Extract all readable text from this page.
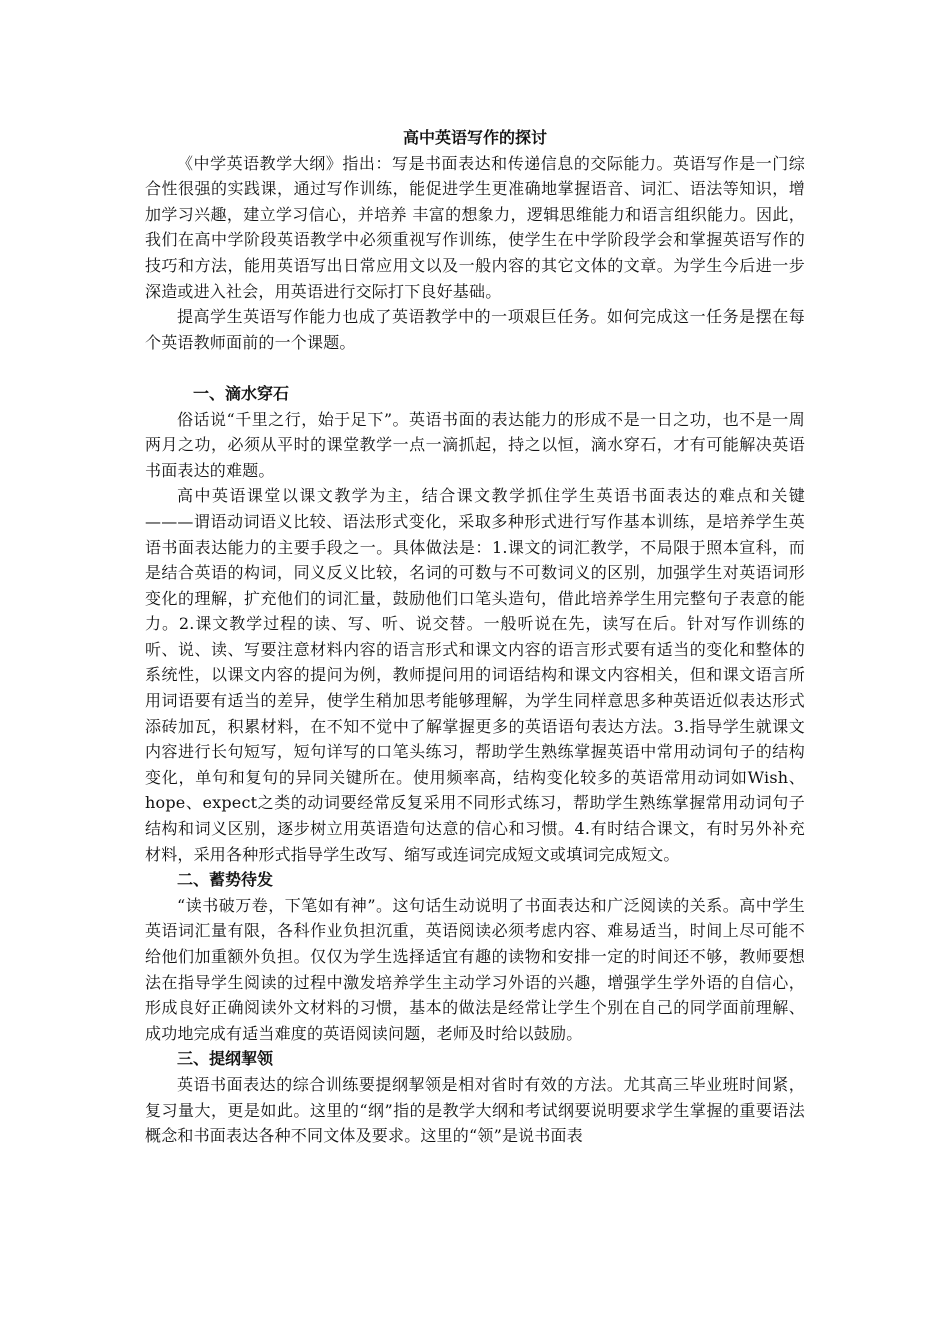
高中英语写作的探讨

《中学英语教学大纲》指出：写是书面表达和传递信息的交际能力。英语写作是一门综合性很强的实践课，通过写作训练，能促进学生更准确地掌握语音、词汇、语法等知识，增加学习兴趣，建立学习信心，并培养 丰富的想象力，逻辑思维能力和语言组织能力。因此，我们在高中学阶段英语教学中必须重视写作训练，使学生在中学阶段学会和掌握英语写作的技巧和方法，能用英语写出日常应用文以及一般内容的其它文体的文章。为学生今后进一步深造或进入社会，用英语进行交际打下良好基础。

提高学生英语写作能力也成了英语教学中的一项艰巨任务。如何完成这一任务是摆在每个英语教师面前的一个课题。

一、滴水穿石

俗话说“千里之行，始于足下”。英语书面的表达能力的形成不是一日之功，也不是一周两月之功，必须从平时的课堂教学一点一滴抓起，持之以恒，滴水穿石，才有可能解决英语书面表达的难题。

高中英语课堂以课文教学为主，结合课文教学抓住学生英语书面表达的难点和关键———谓语动词语义比较、语法形式变化，采取多种形式进行写作基本训练，是培养学生英语书面表达能力的主要手段之一。具体做法是：1.课文的词汇教学，不局限于照本宣科，而是结合英语的构词，同义反义比较，名词的可数与不可数词义的区别，加强学生对英语词形变化的理解，扩充他们的词汇量，鼓励他们口笔头造句，借此培养学生用完整句子表意的能力。2.课文教学过程的读、写、听、说交替。一般听说在先，读写在后。针对写作训练的听、说、读、写要注意材料内容的语言形式和课文内容的语言形式要有适当的变化和整体的系统性，以课文内容的提问为例，教师提问用的词语结构和课文内容相关，但和课文语言所用词语要有适当的差异，使学生稍加思考能够理解，为学生同样意思多种英语近似表达形式添砖加瓦，积累材料，在不知不觉中了解掌握更多的英语语句表达方法。3.指导学生就课文内容进行长句短写，短句详写的口笔头练习，帮助学生熟练掌握英语中常用动词句子的结构变化，单句和复句的异同关键所在。使用频率高，结构变化较多的英语常用动词如Wish、hope、expect之类的动词要经常反复采用不同形式练习，帮助学生熟练掌握常用动词句子结构和词义区别，逐步树立用英语造句达意的信心和习惯。4.有时结合课文，有时另外补充材料，采用各种形式指导学生改写、缩写或连词完成短文或填词完成短文。

二、蓄势待发

“读书破万卷，下笔如有神”。这句话生动说明了书面表达和广泛阅读的关系。高中学生英语词汇量有限，各科作业负担沉重，英语阅读必须考虑内容、难易适当，时间上尽可能不给他们加重额外负担。仅仅为学生选择适宜有趣的读物和安排一定的时间还不够，教师要想法在指导学生阅读的过程中激发培养学生主动学习外语的兴趣，增强学生学外语的自信心，形成良好正确阅读外文材料的习惯，基本的做法是经常让学生个别在自己的同学面前理解、成功地完成有适当难度的英语阅读问题，老师及时给以鼓励。

三、提纲挈领

英语书面表达的综合训练要提纲挈领是相对省时有效的方法。尤其高三毕业班时间紧，复习量大，更是如此。这里的“纲”指的是教学大纲和考试纲要说明要求学生掌握的重要语法概念和书面表达各种不同文体及要求。这里的“领”是说书面表
